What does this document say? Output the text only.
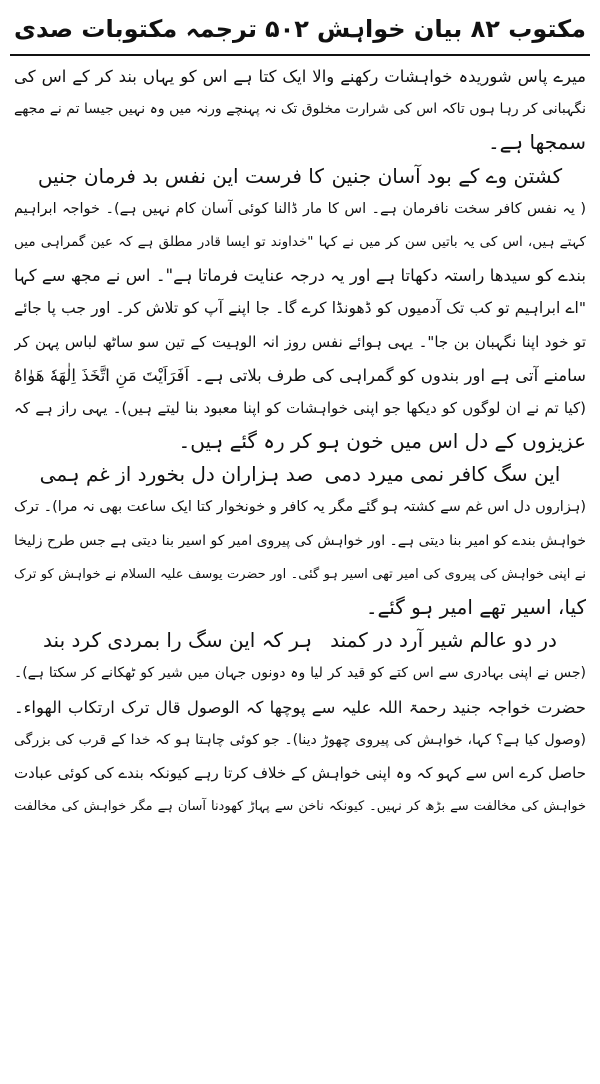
مکتوب ۸۲ بیان خواہش
۵۰۲
ترجمہ مکتوبات صدی
میرے پاس شوریدہ خواہشات رکھنے والا ایک کتا ہے اس کو یہاں بند کر کے اس کی
نگہبانی کر رہا ہوں تاکہ اس کی شرارت مخلوق تک نہ پہنچے ورنہ میں وہ نہیں جیسا تم نے مجھے
سمجھا ہے۔
کشتن وے کے بود آسان جنین
کا فرست این نفس بد فرمان جنیں
( یہ نفس کافر سخت نافرمان ہے۔ اس کا مار ڈالنا کوئی آسان کام نہیں ہے)۔ خواجہ ابراہیم
کہتے ہیں، اس کی یہ باتیں سن کر میں نے کہا "خداوند تو ایسا قادر مطلق ہے کہ عین گمراہی میں
بندے کو سیدھا راستہ دکھاتا ہے اور یہ درجہ عنایت فرماتا ہے"۔ اس نے مجھ سے کہا
"اے ابراہیم تو کب تک آدمیوں کو ڈھونڈا کرے گا۔ جا اپنے آپ کو تلاش کر۔ اور جب پا جائے
تو خود اپنا نگہبان بن جا"۔ یہی ہوائے نفس روز انہ الوہیت کے تین سو ساٹھ لباس پہن کر
سامنے آتی ہے اور بندوں کو گمراہی کی طرف بلاتی ہے۔ اَفَرَاَیْتَ مَنِ اتَّخَذَ اِلٰهَهٗ هَوٰاهُ
(کیا تم نے ان لوگوں کو دیکھا جو اپنی خواہشات کو اپنا معبود بنا لیتے ہیں)۔ یہی راز ہے کہ
عزیزوں کے دل اس میں خون ہو کر رہ گئے ہیں۔
این سگ کافر نمی میرد دمی
صد ہزاران دل بخورد از غم ہمی
(ہزاروں دل اس غم سے کشتہ ہو گئے مگر یہ کافر و خونخوار کتا ایک ساعت بھی نہ مرا)۔ ترک
خواہش بندے کو امیر بنا دیتی ہے۔ اور خواہش کی پیروی امیر کو اسیر بنا دیتی ہے جس طرح زلیخا
نے اپنی خواہش کی پیروی کی امیر تھی اسیر ہو گئی۔ اور حضرت یوسف علیہ السلام نے خواہش کو ترک
کیا، اسیر تھے امیر ہو گئے۔
در دو عالم شیر آرد در کمند
ہر کہ این سگ را بمردی کرد بند
(جس نے اپنی بہادری سے اس کتے کو قید کر لیا وہ دونوں جہان میں شیر کو ٹھکانے کر سکتا ہے)۔
حضرت خواجہ جنید رحمۃ اللہ علیہ سے پوچھا کہ الوصول قال ترک ارتکاب الھواء۔
(وصول کیا ہے؟ کہا، خواہش کی پیروی چھوڑ دینا)۔ جو کوئی چاہتا ہو کہ خدا کے قرب کی بزرگی
حاصل کرے اس سے کہو کہ وہ اپنی خواہش کے خلاف کرتا رہے کیونکہ بندے کی کوئی عبادت
خواہش کی مخالفت سے بڑھ کر نہیں۔ کیونکہ ناخن سے پہاڑ کھودنا آسان ہے مگر خواہش کی مخالفت
